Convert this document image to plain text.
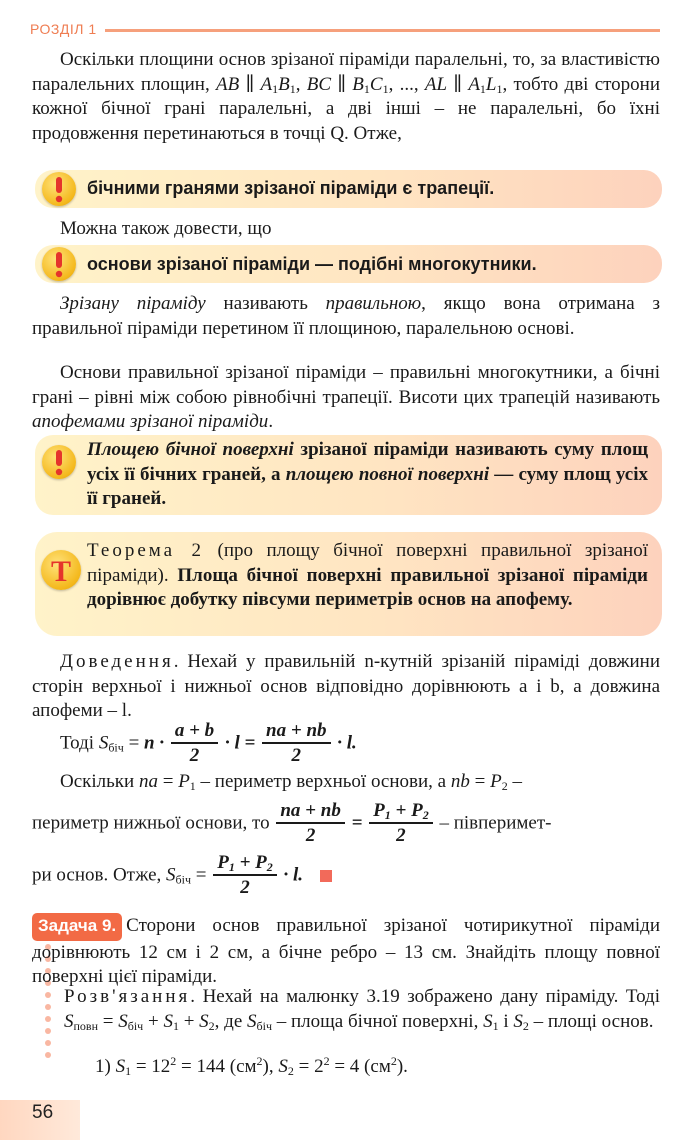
РОЗДІЛ 1
Оскільки площини основ зрізаної піраміди паралельні, то, за властивістю паралельних площин, AB ∥ $A_1B_1$, BC ∥ $B_1C_1$, ..., AL ∥ $A_1L_1$, тобто дві сторони кожної бічної грані паралельні, а дві інші – не паралельні, бо їхні продовження перетинаються в точці Q. Отже,
бічними гранями зрізаної піраміди є трапеції.
Можна також довести, що
основи зрізаної піраміди — подібні многокутники.
Зрізану піраміду називають правильною, якщо вона отримана з правильної піраміди перетином її площиною, паралельною основі.
Основи правильної зрізаної піраміди – правильні многокутники, а бічні грані – рівні між собою рівнобічні трапеції. Висоти цих трапецій називають апофемами зрізаної піраміди.
Площею бічної поверхні зрізаної піраміди називають суму площ усіх її бічних граней, а площею повної поверхні — суму площ усіх її граней.
T
Теорема 2 (про площу бічної поверхні правильної зрізаної піраміди). Площа бічної поверхні правильної зрізаної піраміди дорівнює добутку півсуми периметрів основ на апофему.
Доведення. Нехай у правильній n-кутній зрізаній піраміді довжини сторін верхньої і нижньої основ відповідно дорівнюють a і b, а довжина апофеми – l.
Тоді $S_{біч} = n \cdot \frac{a + b}{2} \cdot l = \frac{na + nb}{2} \cdot l$.
Оскільки na = $P_1$ – периметр верхньої основи, а nb = $P_2$ –
периметр нижньої основи, то $\frac{na + nb}{2} = \frac{P_1 + P_2}{2}$ – півперимет-
ри основ. Отже, $S_{біч} = \frac{P_1 + P_2}{2} \cdot l$.
Задача 9. Сторони основ правильної зрізаної чотирикутної піраміди дорівнюють 12 см і 2 см, а бічне ребро – 13 см. Знайдіть площу повної поверхні цієї піраміди.
Розв'язання. Нехай на малюнку 3.19 зображено дану піраміду. Тоді $S_{повн} = S_{біч} + S_1 + S_2$, де $S_{біч}$ – площа бічної поверхні, $S_1$ і $S_2$ – площі основ.
1) $S_1 = 12^2 = 144$ $(см^2)$, $S_2 = 2^2 = 4$ $(см^2)$.
56
